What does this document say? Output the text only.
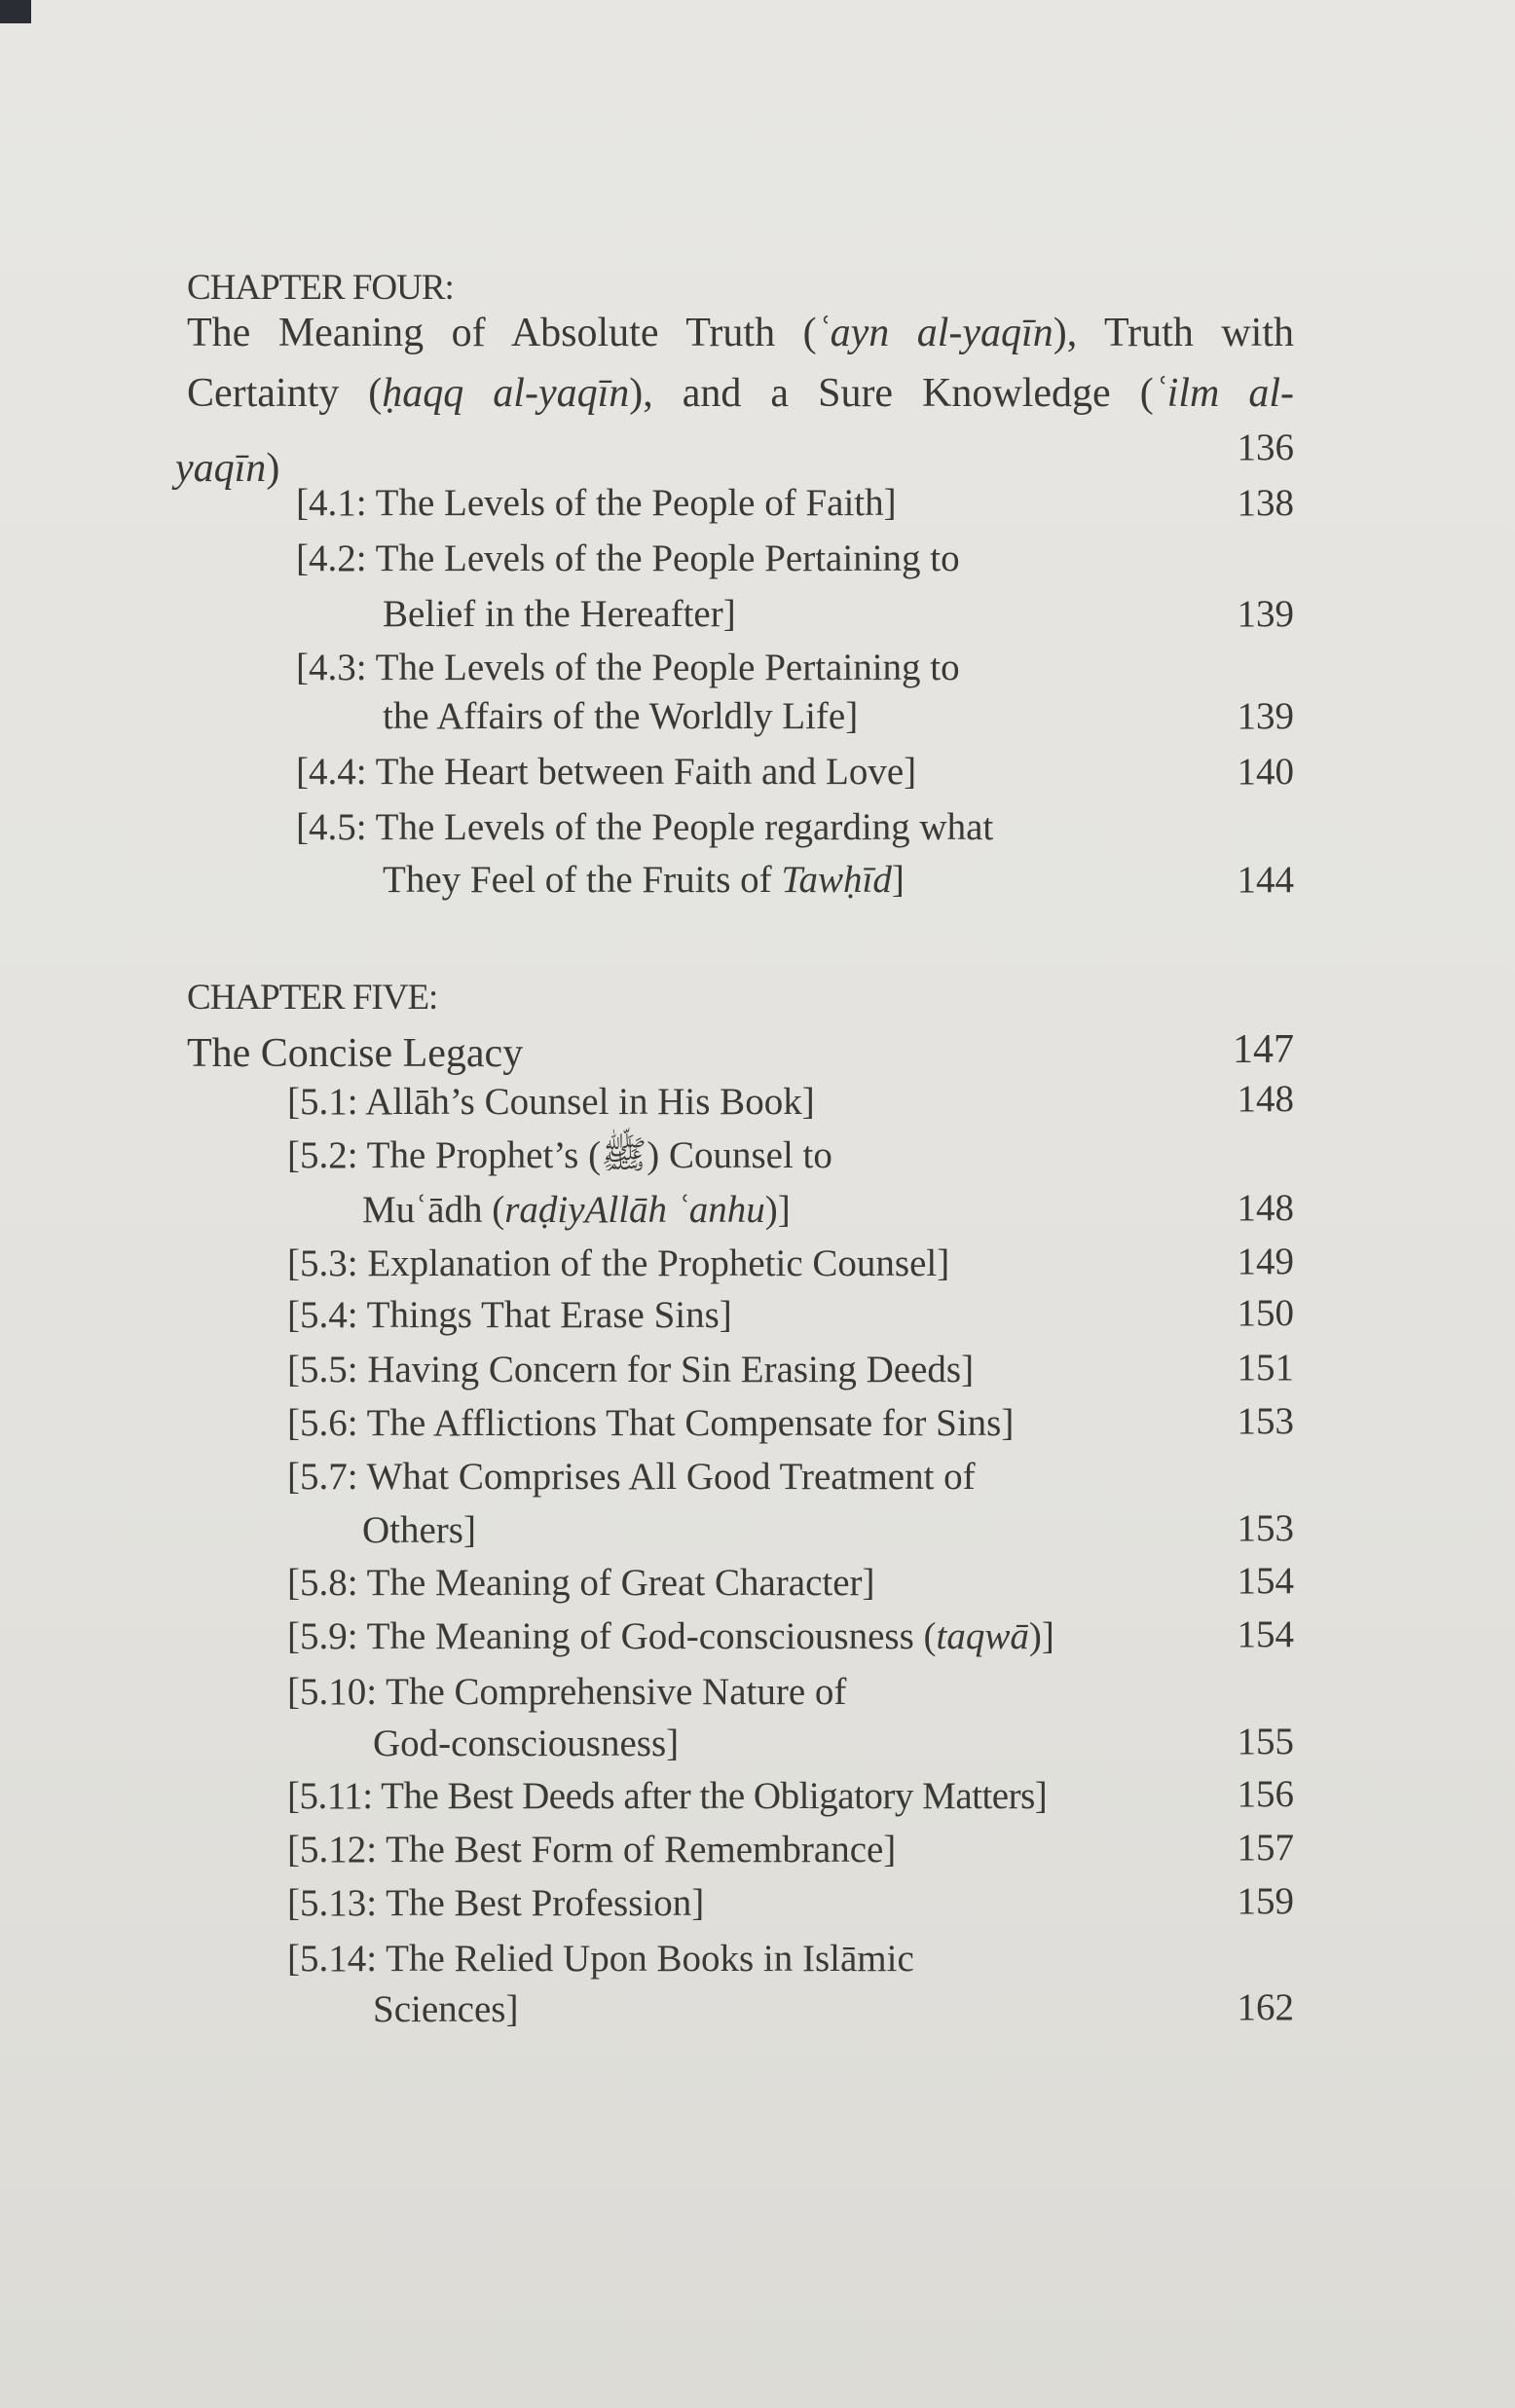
CHAPTER FOUR:
The Meaning of Absolute Truth (ʿayn al-yaqīn), Truth with
Certainty (ḥaqq al-yaqīn), and a Sure Knowledge (ʿilm al-
yaqīn)	136
[4.1: The Levels of the People of Faith]	138
[4.2: The Levels of the People Pertaining to
Belief in the Hereafter]	139
[4.3: The Levels of the People Pertaining to
the Affairs of the Worldly Life]	139
[4.4: The Heart between Faith and Love]	140
[4.5: The Levels of the People regarding what
They Feel of the Fruits of Tawḥīd]	144
CHAPTER FIVE:
The Concise Legacy	147
[5.1: Allāh’s Counsel in His Book]	148
[5.2: The Prophet’s (ﷺ) Counsel to
Muʿādh (raḍiyAllāh ʿanhu)]	148
[5.3: Explanation of the Prophetic Counsel]	149
[5.4: Things That Erase Sins]	150
[5.5: Having Concern for Sin Erasing Deeds]	151
[5.6: The Afflictions That Compensate for Sins]	153
[5.7: What Comprises All Good Treatment of
Others]	153
[5.8: The Meaning of Great Character]	154
[5.9: The Meaning of God-consciousness (taqwā)]	154
[5.10: The Comprehensive Nature of
God-consciousness]	155
[5.11: The Best Deeds after the Obligatory Matters]	156
[5.12: The Best Form of Remembrance]	157
[5.13: The Best Profession]	159
[5.14: The Relied Upon Books in Islāmic
Sciences]	162
